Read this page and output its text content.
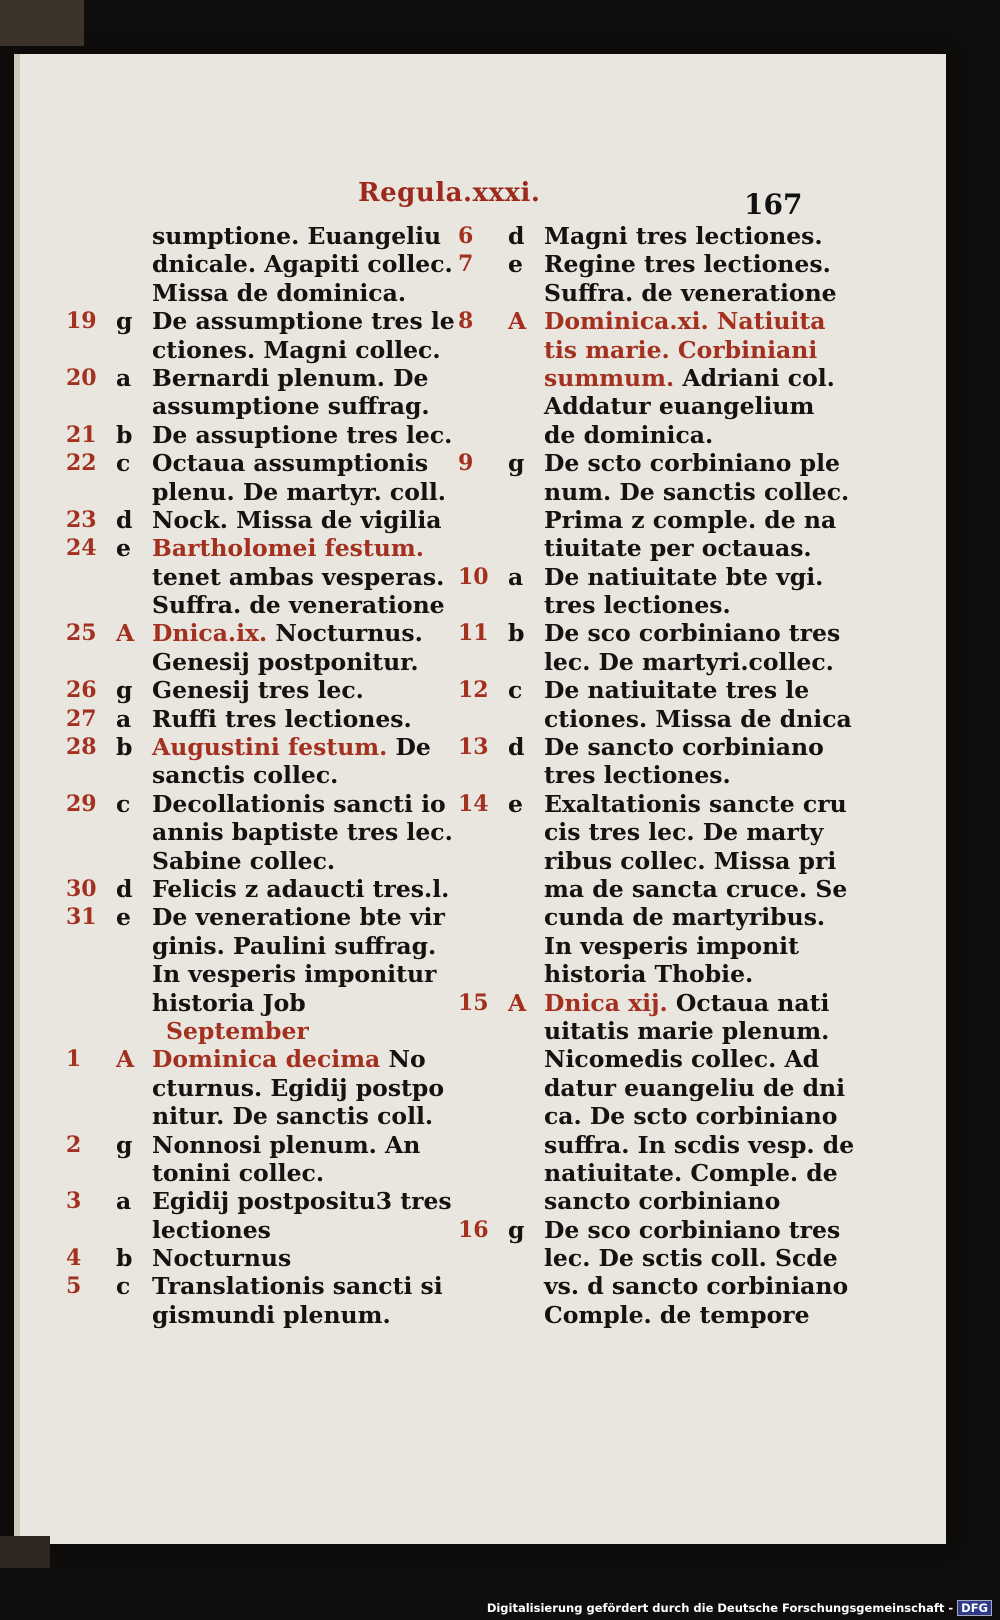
Regula.xxxi.	167
sumptione. Euangeliu
dnicale. Agapiti collec.
Missa de dominica.
19 g De assumptione tres le
ctiones. Magni collec.
20 a Bernardi plenum. De
assumptione suffrag.
21 b De assuptione tres lec.
22 c Octaua assumptionis
plenu. De martyr. coll.
23 d Nock. Missa de vigilia
24 e Bartholomei festum.
tenet ambas vesperas.
Suffra. de veneratione
25 A Dnica.ix. Nocturnus.
Genesij postponitur.
26 g Genesij tres lec.
27 a Ruffi tres lectiones.
28 b Augustini festum. De
sanctis collec.
29 c Decollationis sancti io
annis baptiste tres lec.
Sabine collec.
30 d Felicis z adaucti tres.l.
31 e De veneratione bte vir
ginis. Paulini suffrag.
In vesperis imponitur
historia Job
September
1	A Dominica decima No
cturnus. Egidij postpo
nitur. De sanctis coll.
2	g Nonnosi plenum. An
tonini collec.
3	a Egidij postpositu3 tres
lectiones
4	b Nocturnus
5	c Translationis sancti si
gismundi plenum.
6	d Magni tres lectiones.
7	e Regine tres lectiones.
Suffra. de veneratione
8	A Dominica.xi. Natiuita
tis marie. Corbiniani
summum. Adriani col.
Addatur euangelium
de dominica.
9	g De scto corbiniano ple
num. De sanctis collec.
Prima z comple. de na
tiuitate per octauas.
10 a De natiuitate bte vgi.
tres lectiones.
11 b De sco corbiniano tres
lec. De martyri.collec.
12 c De natiuitate tres le
ctiones. Missa de dnica
13 d De sancto corbiniano
tres lectiones.
14 e Exaltationis sancte cru
cis tres lec. De marty
ribus collec. Missa pri
ma de sancta cruce. Se
cunda de martyribus.
In vesperis imponit
historia Thobie.
15 A Dnica xij. Octaua nati
uitatis marie plenum.
Nicomedis collec. Ad
datur euangeliu de dni
ca. De scto corbiniano
suffra. In scdis vesp. de
natiuitate. Comple. de
sancto corbiniano
16 g De sco corbiniano tres
lec. De sctis coll. Scde
vs. d sancto corbiniano
Comple. de tempore
Digitalisierung gefördert durch die Deutsche Forschungsgemeinschaft - DFG
